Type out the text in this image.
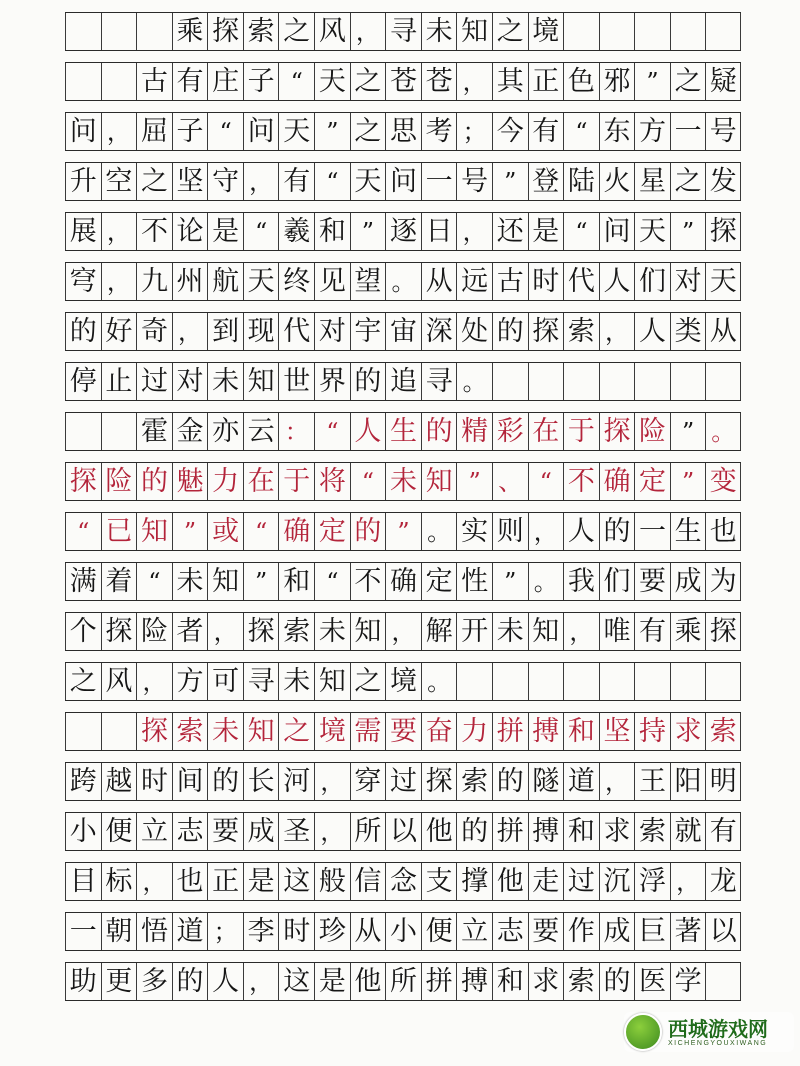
乘 探 索 之 风 ， 寻 未 知 之 境
古 有 庄 子 “ 天 之 苍 苍 ， 其 正 色 邪 ” 之 疑
问 ， 屈 子 “ 问 天 ” 之 思 考 ； 今 有 “ 东 方 一 号
升 空 之 坚 守 ， 有 “ 天 问 一 号 ” 登 陆 火 星 之 发
展 ， 不 论 是 “ 羲 和 ” 逐 日 ， 还 是 “ 问 天 ” 探
穹 ， 九 州 航 天 终 见 望 。 从 远 古 时 代 人 们 对 天
的 好 奇 ， 到 现 代 对 宇 宙 深 处 的 探 索 ， 人 类 从
停 止 过 对 未 知 世 界 的 追 寻 。
霍 金 亦 云 ： “ 人 生 的 精 彩 在 于 探 险 ” 。
探 险 的 魅 力 在 于 将 “ 未 知 ” 、 “ 不 确 定 ” 变
“ 已 知 ” 或 “ 确 定 的 ” 。 实 则 ， 人 的 一 生 也
满 着 “ 未 知 ” 和 “ 不 确 定 性 ” 。 我 们 要 成 为
个 探 险 者 ， 探 索 未 知 ， 解 开 未 知 ， 唯 有 乘 探
之 风 ， 方 可 寻 未 知 之 境 。
探 索 未 知 之 境 需 要 奋 力 拼 搏 和 坚 持 求 索
跨 越 时 间 的 长 河 ， 穿 过 探 索 的 隧 道 ， 王 阳 明
小 便 立 志 要 成 圣 ， 所 以 他 的 拼 搏 和 求 索 就 有
目 标 ， 也 正 是 这 般 信 念 支 撑 他 走 过 沉 浮 ， 龙
一 朝 悟 道 ； 李 时 珍 从 小 便 立 志 要 作 成 巨 著 以
助 更 多 的 人 ， 这 是 他 所 拼 搏 和 求 索 的 医 学
西城游戏网
XICHENGYOUXIWANG
